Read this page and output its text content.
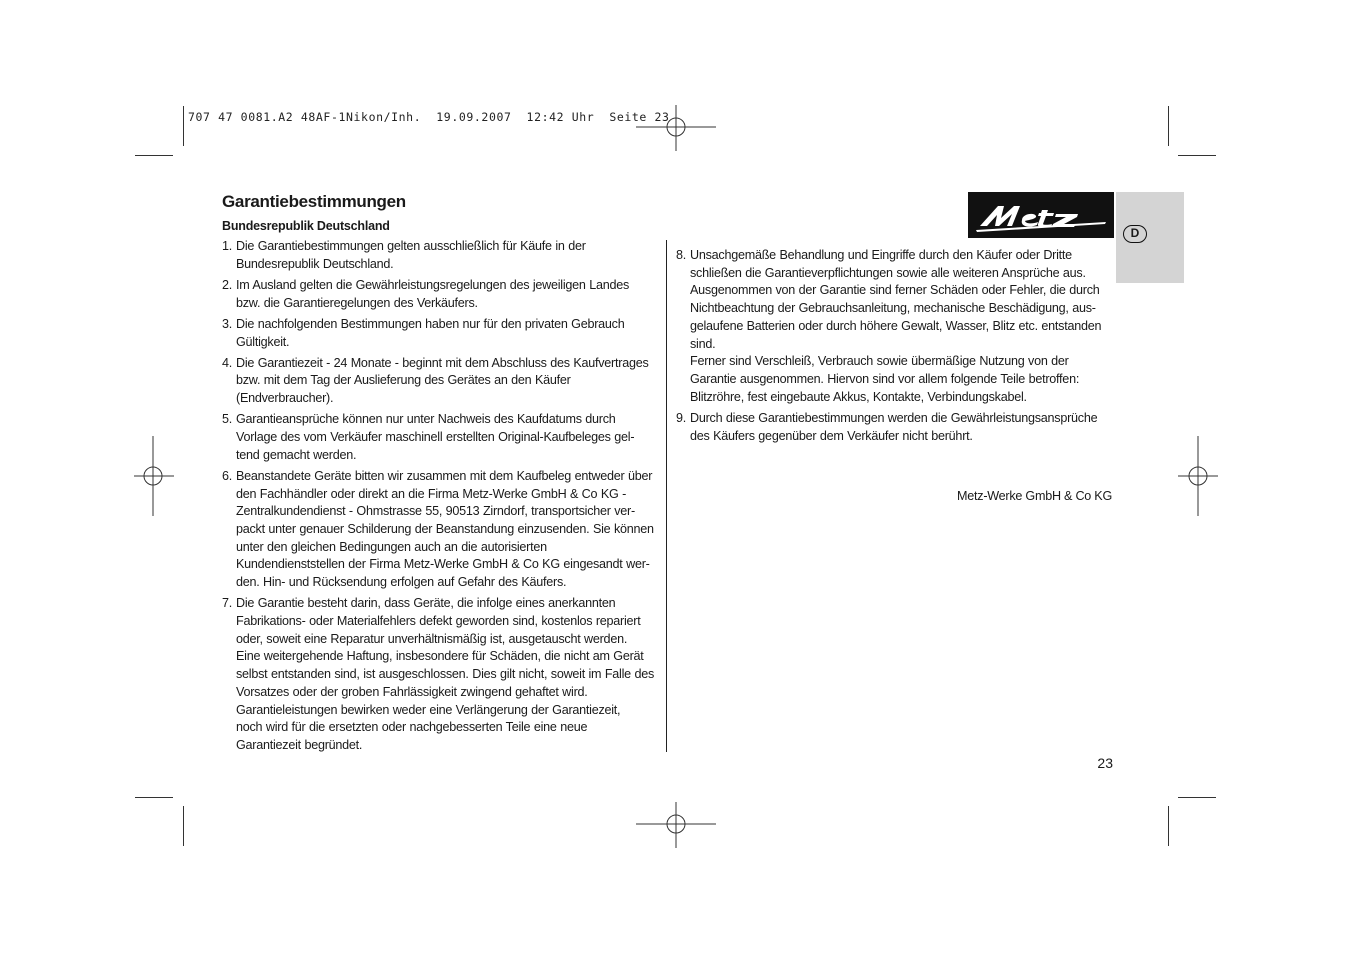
707 47 0081.A2 48AF-1Nikon/Inh.  19.09.2007  12:42 Uhr  Seite 23
Garantiebestimmungen
Bundesrepublik Deutschland
1. Die Garantiebestimmungen gelten ausschließlich für Käufe in der
Bundesrepublik Deutschland.
2. Im Ausland gelten die Gewährleistungsregelungen des jeweiligen Landes
bzw. die Garantieregelungen des Verkäufers.
3. Die nachfolgenden Bestimmungen haben nur für den privaten Gebrauch
Gültigkeit.
4. Die Garantiezeit - 24 Monate - beginnt mit dem Abschluss des Kaufvertrages
bzw. mit dem Tag der Auslieferung des Gerätes an den Käufer
(Endverbraucher).
5. Garantieansprüche können nur unter Nachweis des Kaufdatums durch
Vorlage des vom Verkäufer maschinell erstellten Original-Kaufbeleges gel-
tend gemacht werden.
6. Beanstandete Geräte bitten wir zusammen mit dem Kaufbeleg entweder über
den Fachhändler oder direkt an die Firma Metz-Werke GmbH & Co KG -
Zentralkundendienst - Ohmstrasse 55, 90513 Zirndorf, transportsicher ver-
packt unter genauer Schilderung der Beanstandung einzusenden. Sie können
unter den gleichen Bedingungen auch an die autorisierten
Kundendienststellen der Firma Metz-Werke GmbH & Co KG eingesandt wer-
den. Hin- und Rücksendung erfolgen auf Gefahr des Käufers.
7. Die Garantie besteht darin, dass Geräte, die infolge eines anerkannten
Fabrikations- oder Materialfehlers defekt geworden sind, kostenlos repariert
oder, soweit eine Reparatur unverhältnismäßig ist, ausgetauscht werden.
Eine weitergehende Haftung, insbesondere für Schäden, die nicht am Gerät
selbst entstanden sind, ist ausgeschlossen. Dies gilt nicht, soweit im Falle des
Vorsatzes oder der groben Fahrlässigkeit zwingend gehaftet wird.
Garantieleistungen bewirken weder eine Verlängerung der Garantiezeit,
noch wird für die ersetzten oder nachgebesserten Teile eine neue
Garantiezeit begründet.
8. Unsachgemäße Behandlung und Eingriffe durch den Käufer oder Dritte
schließen die Garantieverpflichtungen sowie alle weiteren Ansprüche aus.
Ausgenommen von der Garantie sind ferner Schäden oder Fehler, die durch
Nichtbeachtung der Gebrauchsanleitung, mechanische Beschädigung, aus-
gelaufene Batterien oder durch höhere Gewalt, Wasser, Blitz etc. entstanden
sind.
Ferner sind Verschleiß, Verbrauch sowie übermäßige Nutzung von der
Garantie ausgenommen. Hiervon sind vor allem folgende Teile betroffen:
Blitzröhre, fest eingebaute Akkus, Kontakte, Verbindungskabel.
9. Durch diese Garantiebestimmungen werden die Gewährleistungsansprüche
des Käufers gegenüber dem Verkäufer nicht berührt.
D
Metz-Werke GmbH & Co KG
23
